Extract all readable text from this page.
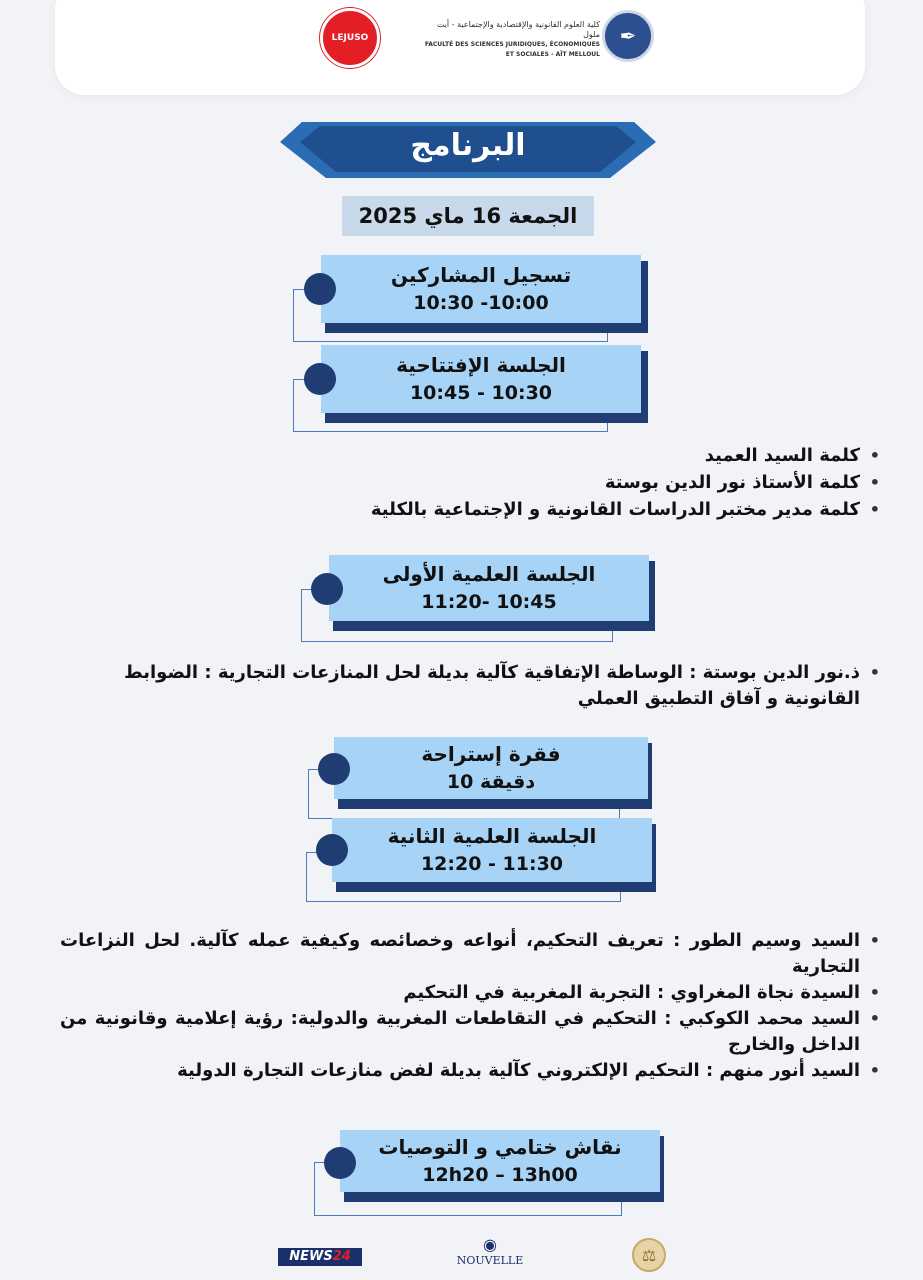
LEJUSO
كلية العلوم القانونية والإقتصادية والإجتماعية - أيت ملول
FACULTÉ DES SCIENCES JURIDIQUES, ÉCONOMIQUES ET SOCIALES - AÏT MELLOUL
✒
البرنامج
الجمعة 16 ماي 2025
تسجيل المشاركين
10:30 -10:00
الجلسة الإفتتاحية
10:45 - 10:30
• كلمة السيد العميد
• كلمة الأستاذ نور الدين بوستة
• كلمة مدير مختبر الدراسات القانونية و الإجتماعية بالكلية
الجلسة العلمية الأولى
11:20- 10:45
• ذ.نور الدين بوستة : الوساطة الإتفاقية كآلية بديلة لحل المنازعات التجارية : الضوابط القانونية و آفاق التطبيق العملي
فقرة إستراحة
10 دقيقة
الجلسة العلمية الثانية
12:20 - 11:30
• السيد وسيم الطور : تعريف التحكيم، أنواعه وخصائصه وكيفية عمله كآلية. لحل النزاعات التجارية
• السيدة نجاة المغراوي : التجربة المغربية في التحكيم
• السيد محمد الكوكبي : التحكيم في التقاطعات المغربية والدولية: رؤية إعلامية وقانونية من الداخل والخارج
• السيد أنور منهم : التحكيم الإلكتروني كآلية بديلة لفض منازعات التجارة الدولية
نقاش ختامي و التوصيات
12h20 – 13h00
NEWS24
◉
NOUVELLE	⚖
